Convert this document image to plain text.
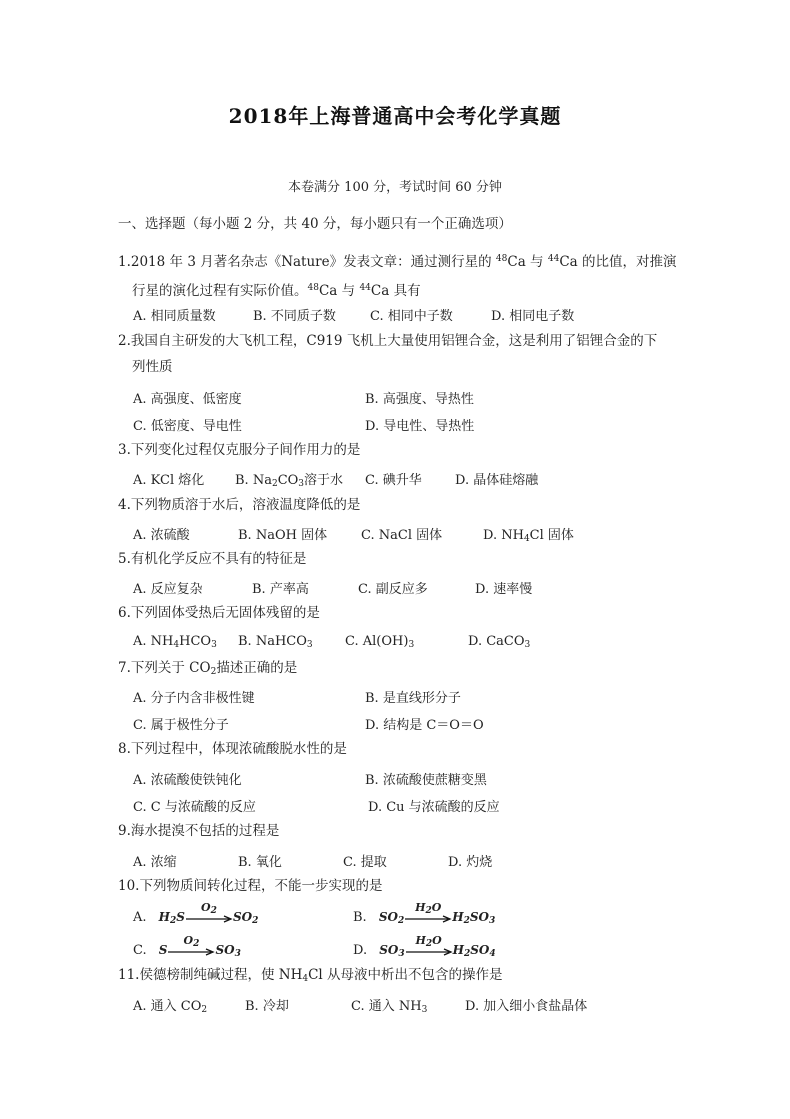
2018年上海普通高中会考化学真题
本卷满分 100 分，考试时间 60 分钟
一、选择题（每小题 2 分，共 40 分，每小题只有一个正确选项）
1.2018 年 3 月著名杂志《Nature》发表文章：通过测行星的 $^{48}$Ca 与 $^{44}$Ca 的比值，对推演
行星的演化过程有实际价值。$^{48}$Ca 与 $^{44}$Ca 具有
A. 相同质量数	B. 不同质子数	C. 相同中子数	D. 相同电子数
2.我国自主研发的大飞机工程，C919 飞机上大量使用铝锂合金，这是利用了铝锂合金的下
列性质
A. 高强度、低密度	B. 高强度、导热性
C. 低密度、导电性	D. 导电性、导热性
3.下列变化过程仅克服分子间作用力的是
A. KCl 熔化 B. $Na_2CO_3$溶于水 C. 碘升华	D. 晶体硅熔融
4.下列物质溶于水后，溶液温度降低的是
A. 浓硫酸	B. NaOH 固体	C. NaCl 固体	D. $NH_4Cl$ 固体
5.有机化学反应不具有的特征是
A. 反应复杂	B. 产率高	C. 副反应多	D. 速率慢
6.下列固体受热后无固体残留的是
A. $NH_4HCO_3$ B. NaHCO$_3$ C. $Al(OH)_3$	D. CaCO$_3$
7.下列关于 $CO_2$描述正确的是
A. 分子内含非极性键	B. 是直线形分子
C. 属于极性分子	D. 结构是 C＝O＝O
8.下列过程中，体现浓硫酸脱水性的是
A. 浓硫酸使铁钝化	B. 浓硫酸使蔗糖变黑
C. C 与浓硫酸的反应	D. Cu 与浓硫酸的反应
9.海水提溴不包括的过程是
A. 浓缩	B. 氧化	C. 提取	D. 灼烧
10.下列物质间转化过程，不能一步实现的是
A. $H_2S$
$O_2$	$SO_2$	B. $SO_2$
$H_2O$
$H_2SO_3$
C. S
$O_2$	$SO_3$	D. $SO_3$
$H_2O$
$H_2SO_4$
11.侯德榜制纯碱过程，使 $NH_4Cl$ 从母液中析出不包含的操作是
A. 通入 $CO_2$	B. 冷却	C. 通入 $NH_3$	D. 加入细小食盐晶体
